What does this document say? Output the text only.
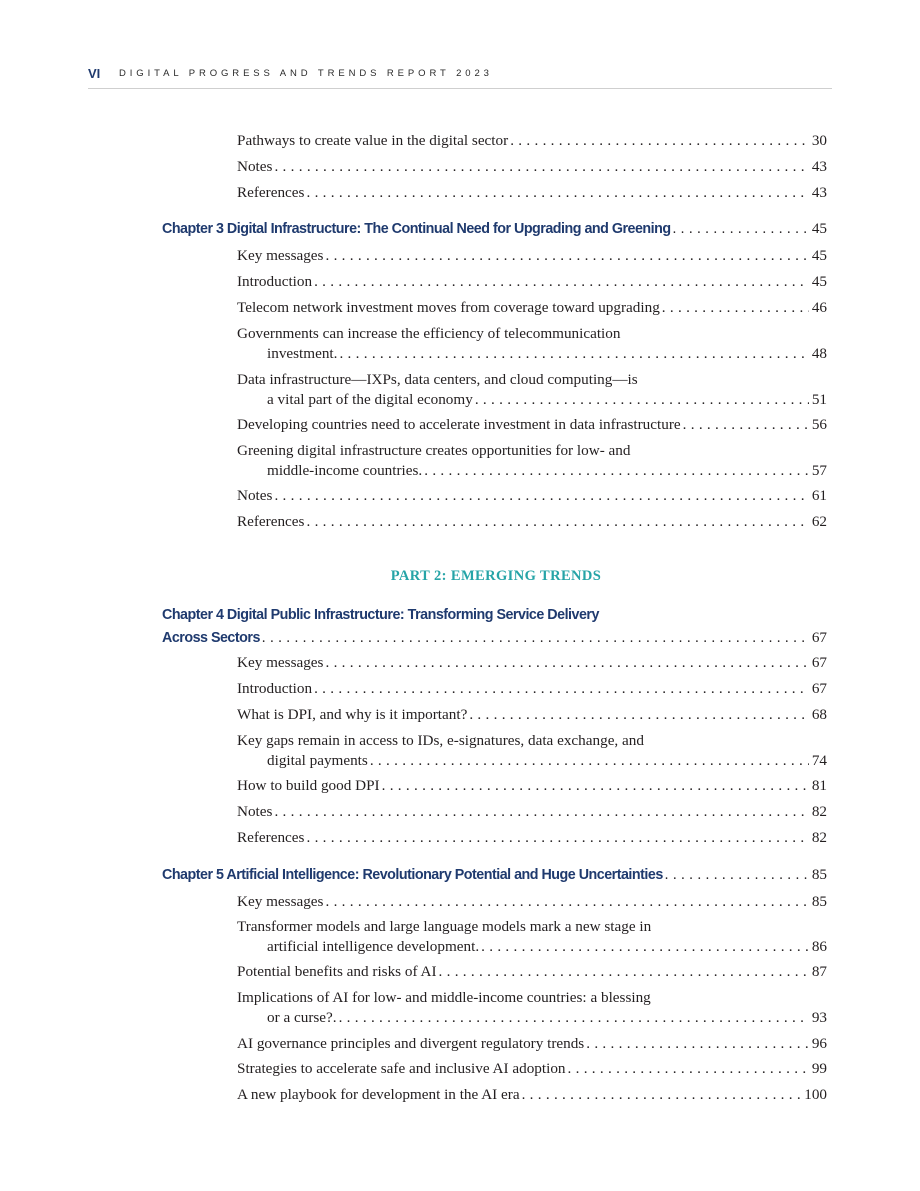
VI DIGITAL PROGRESS AND TRENDS REPORT 2023
Pathways to create value in the digital sector .....	30
Notes .....	43
References .....	43
Chapter 3 Digital Infrastructure: The Continual Need for Upgrading and Greening .....	45
Key messages .....	45
Introduction .....	45
Telecom network investment moves from coverage toward upgrading .....	46
Governments can increase the efficiency of telecommunication
investment. .....	48
Data infrastructure—IXPs, data centers, and cloud computing—is
a vital part of the digital economy .....	51
Developing countries need to accelerate investment in data infrastructure .....	56
Greening digital infrastructure creates opportunities for low- and
middle-income countries. .....	57
Notes .....	61
References .....	62
PART 2: EMERGING TRENDS
Chapter 4 Digital Public Infrastructure: Transforming Service Delivery
Across Sectors .....	67
Key messages .....	67
Introduction .....	67
What is DPI, and why is it important? .....	68
Key gaps remain in access to IDs, e-signatures, data exchange, and
digital payments .....	74
How to build good DPI .....	81
Notes .....	82
References .....	82
Chapter 5 Artificial Intelligence: Revolutionary Potential and Huge Uncertainties .....	85
Key messages .....	85
Transformer models and large language models mark a new stage in
artificial intelligence development. .....	86
Potential benefits and risks of AI .....	87
Implications of AI for low- and middle-income countries: a blessing
or a curse?. .....	93
AI governance principles and divergent regulatory trends .....	96
Strategies to accelerate safe and inclusive AI adoption .....	99
A new playbook for development in the AI era .....	100
